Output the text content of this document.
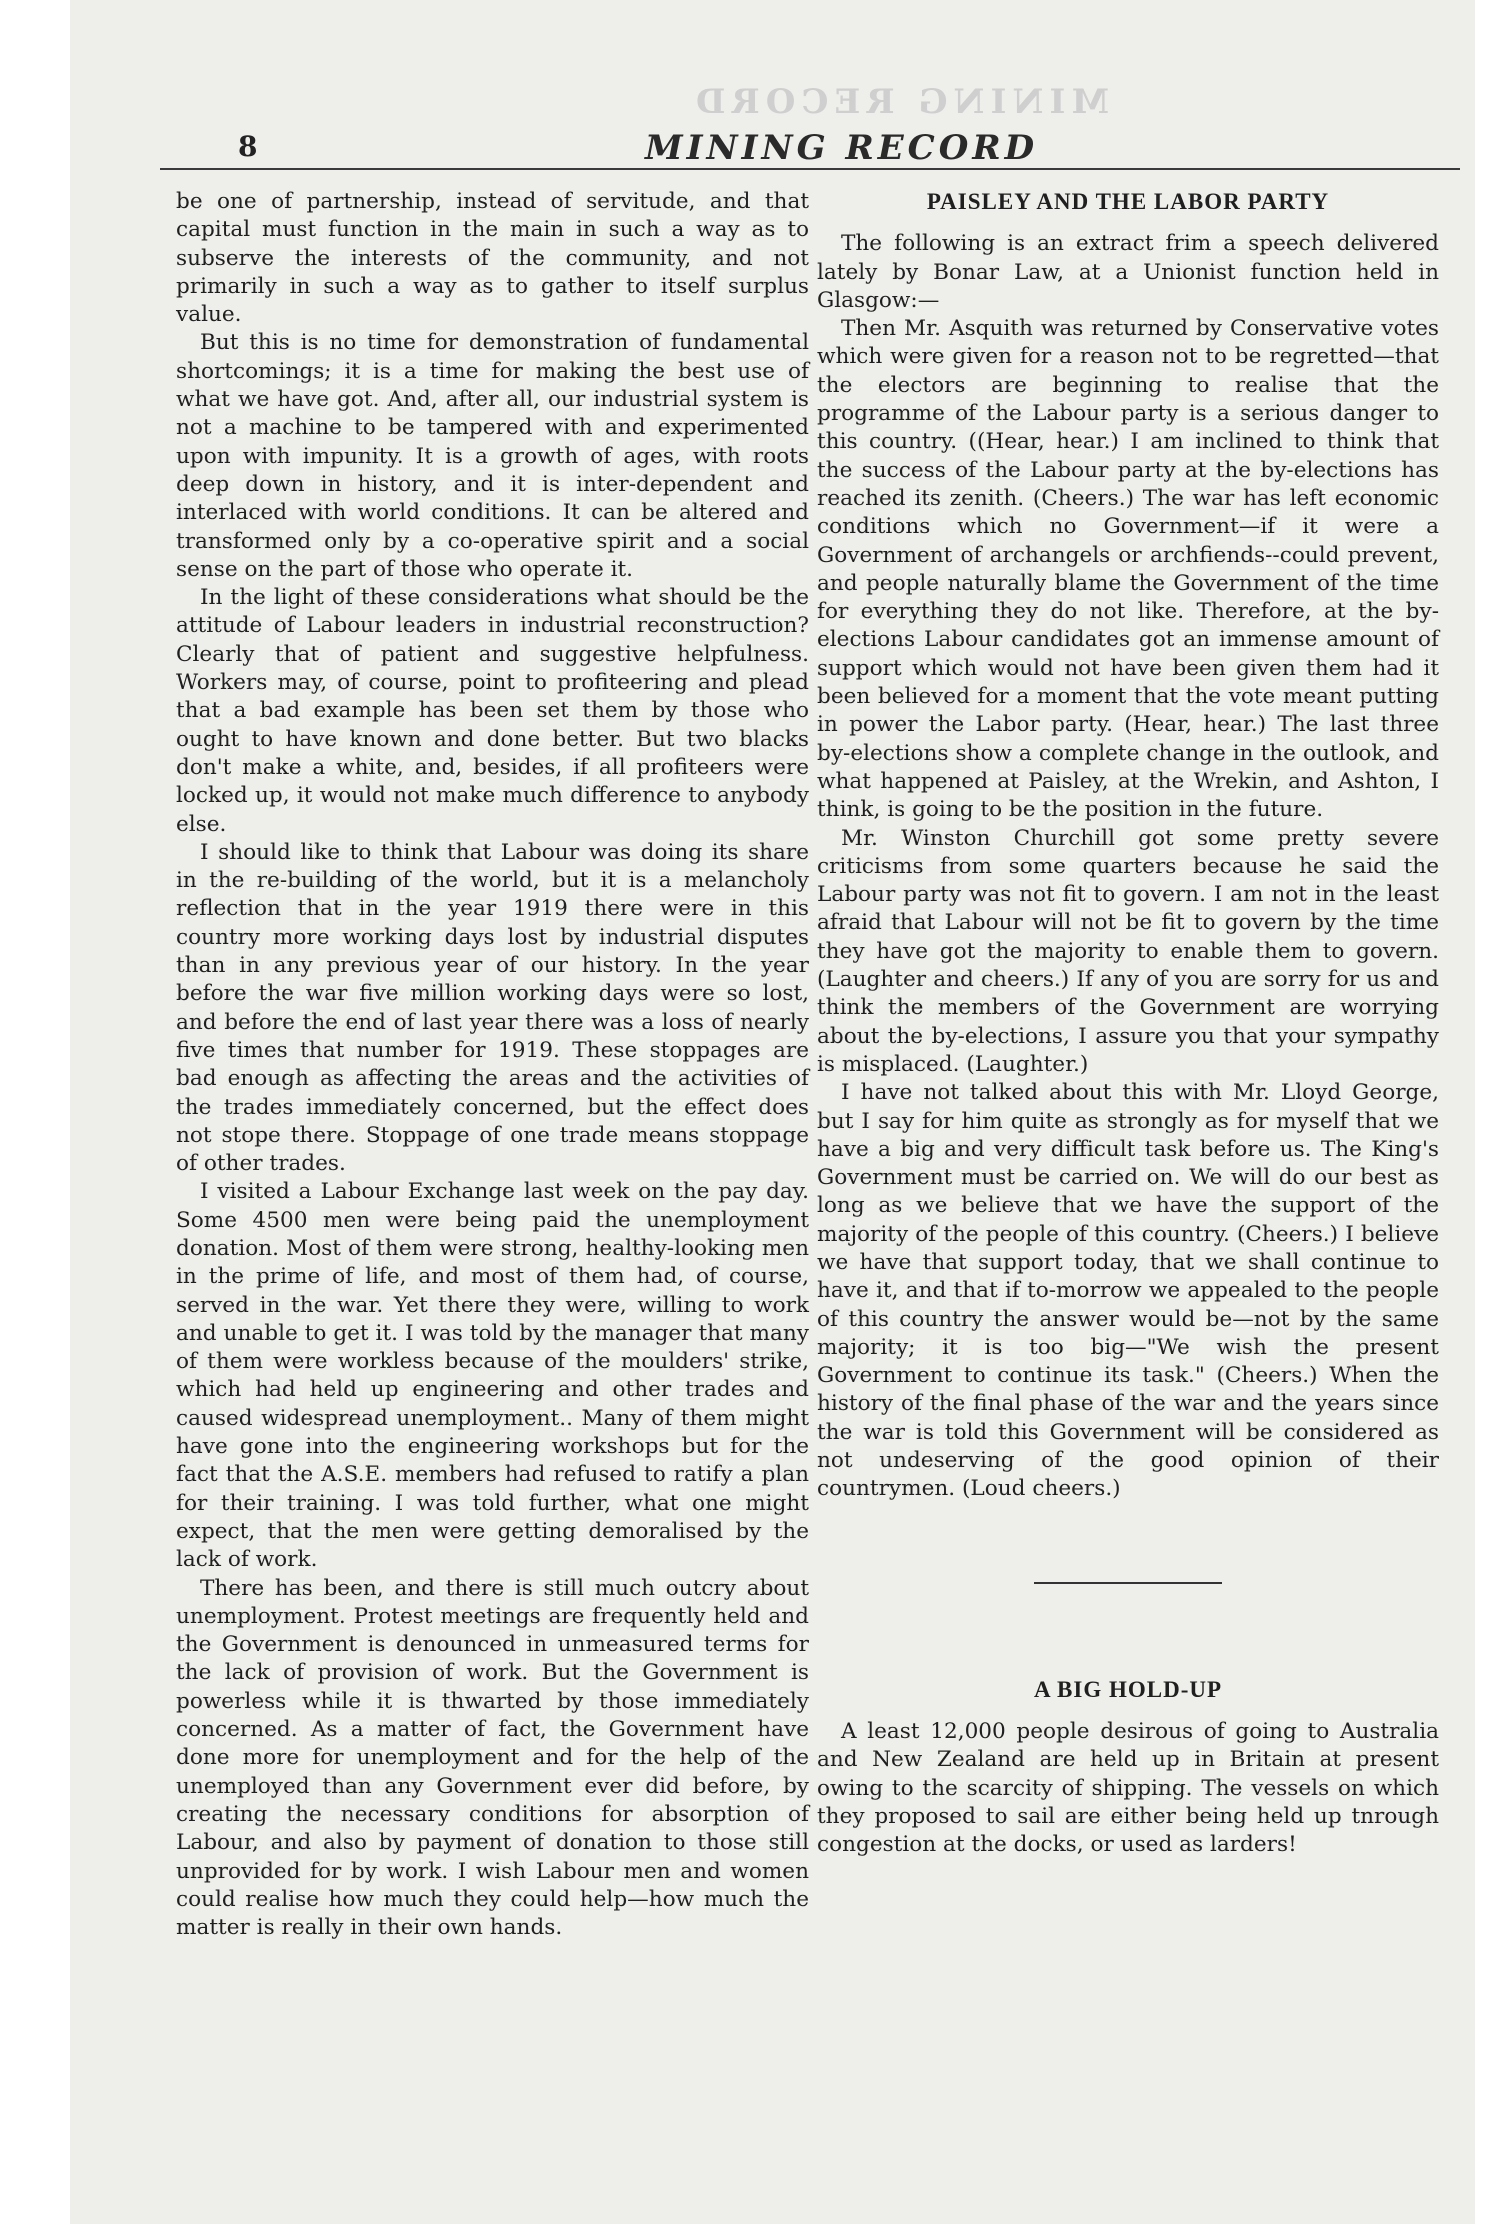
MINING RECORD
8	MINING RECORD

be one of partnership, instead of servitude, and that capital must function in the main in such a way as to subserve the interests of the community, and not primarily in such a way as to gather to itself surplus value.

But this is no time for demonstration of fundamental shortcomings; it is a time for making the best use of what we have got. And, after all, our industrial system is not a machine to be tampered with and experimented upon with impunity. It is a growth of ages, with roots deep down in history, and it is inter-dependent and interlaced with world conditions. It can be altered and transformed only by a co-operative spirit and a social sense on the part of those who operate it.

In the light of these considerations what should be the attitude of Labour leaders in industrial reconstruction? Clearly that of patient and suggestive helpfulness. Workers may, of course, point to profiteering and plead that a bad example has been set them by those who ought to have known and done better. But two blacks don't make a white, and, besides, if all profiteers were locked up, it would not make much difference to anybody else.

I should like to think that Labour was doing its share in the re-building of the world, but it is a melancholy reflection that in the year 1919 there were in this country more working days lost by industrial disputes than in any previous year of our history. In the year before the war five million working days were so lost, and before the end of last year there was a loss of nearly five times that number for 1919. These stoppages are bad enough as affecting the areas and the activities of the trades immediately concerned, but the effect does not stope there. Stoppage of one trade means stoppage of other trades.

I visited a Labour Exchange last week on the pay day. Some 4500 men were being paid the unemployment donation. Most of them were strong, healthy-looking men in the prime of life, and most of them had, of course, served in the war. Yet there they were, willing to work and unable to get it. I was told by the manager that many of them were workless because of the moulders' strike, which had held up engineering and other trades and caused widespread unemployment.. Many of them might have gone into the engineering workshops but for the fact that the A.S.E. members had refused to ratify a plan for their training. I was told further, what one might expect, that the men were getting demoralised by the lack of work.

There has been, and there is still much outcry about unemployment. Protest meetings are frequently held and the Government is denounced in unmeasured terms for the lack of provision of work. But the Government is powerless while it is thwarted by those immediately concerned. As a matter of fact, the Government have done more for unemployment and for the help of the unemployed than any Government ever did before, by creating the necessary conditions for absorption of Labour, and also by payment of donation to those still unprovided for by work. I wish Labour men and women could realise how much they could help—how much the matter is really in their own hands.

PAISLEY AND THE LABOR PARTY

The following is an extract frim a speech delivered lately by Bonar Law, at a Unionist function held in Glasgow:—

Then Mr. Asquith was returned by Conservative votes which were given for a reason not to be regretted—that the electors are beginning to realise that the programme of the Labour party is a serious danger to this country. ((Hear, hear.) I am inclined to think that the success of the Labour party at the by-elections has reached its zenith. (Cheers.) The war has left economic conditions which no Government—if it were a Government of archangels or archfiends--could prevent, and people naturally blame the Government of the time for everything they do not like. Therefore, at the by-elections Labour candidates got an immense amount of support which would not have been given them had it been believed for a moment that the vote meant putting in power the Labor party. (Hear, hear.) The last three by-elections show a complete change in the outlook, and what happened at Paisley, at the Wrekin, and Ashton, I think, is going to be the position in the future.

Mr. Winston Churchill got some pretty severe criticisms from some quarters because he said the Labour party was not fit to govern. I am not in the least afraid that Labour will not be fit to govern by the time they have got the majority to enable them to govern. (Laughter and cheers.) If any of you are sorry for us and think the members of the Government are worrying about the by-elections, I assure you that your sympathy is misplaced. (Laughter.)

I have not talked about this with Mr. Lloyd George, but I say for him quite as strongly as for myself that we have a big and very difficult task before us. The King's Government must be carried on. We will do our best as long as we believe that we have the support of the majority of the people of this country. (Cheers.) I believe we have that support today, that we shall continue to have it, and that if to-morrow we appealed to the people of this country the answer would be—not by the same majority; it is too big—"We wish the present Government to continue its task." (Cheers.) When the history of the final phase of the war and the years since the war is told this Government will be considered as not undeserving of the good opinion of their countrymen. (Loud cheers.)

A BIG HOLD-UP

A least 12,000 people desirous of going to Australia and New Zealand are held up in Britain at present owing to the scarcity of shipping. The vessels on which they proposed to sail are either being held up tnrough congestion at the docks, or used as larders!
